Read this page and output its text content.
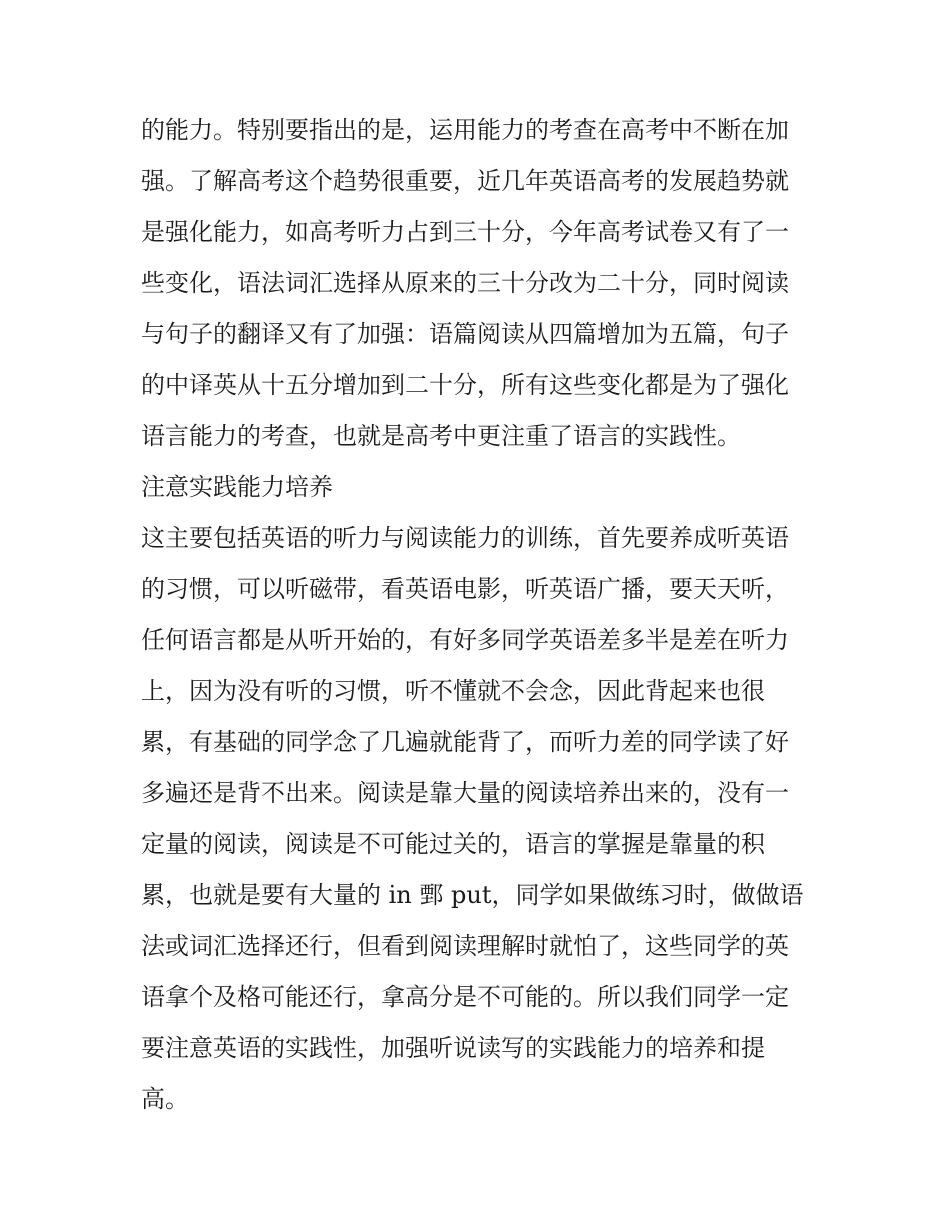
的能力。特别要指出的是，运用能力的考查在高考中不断在加
强。了解高考这个趋势很重要，近几年英语高考的发展趋势就
是强化能力，如高考听力占到三十分，今年高考试卷又有了一
些变化，语法词汇选择从原来的三十分改为二十分，同时阅读
与句子的翻译又有了加强：语篇阅读从四篇增加为五篇，句子
的中译英从十五分增加到二十分，所有这些变化都是为了强化
语言能力的考查，也就是高考中更注重了语言的实践性。
注意实践能力培养
这主要包括英语的听力与阅读能力的训练，首先要养成听英语
的习惯，可以听磁带，看英语电影，听英语广播，要天天听，
任何语言都是从听开始的，有好多同学英语差多半是差在听力
上，因为没有听的习惯，听不懂就不会念，因此背起来也很
累，有基础的同学念了几遍就能背了，而听力差的同学读了好
多遍还是背不出来。阅读是靠大量的阅读培养出来的，没有一
定量的阅读，阅读是不可能过关的，语言的掌握是靠量的积
累，也就是要有大量的 in 鄄 put，同学如果做练习时，做做语
法或词汇选择还行，但看到阅读理解时就怕了，这些同学的英
语拿个及格可能还行，拿高分是不可能的。所以我们同学一定
要注意英语的实践性，加强听说读写的实践能力的培养和提
高。
